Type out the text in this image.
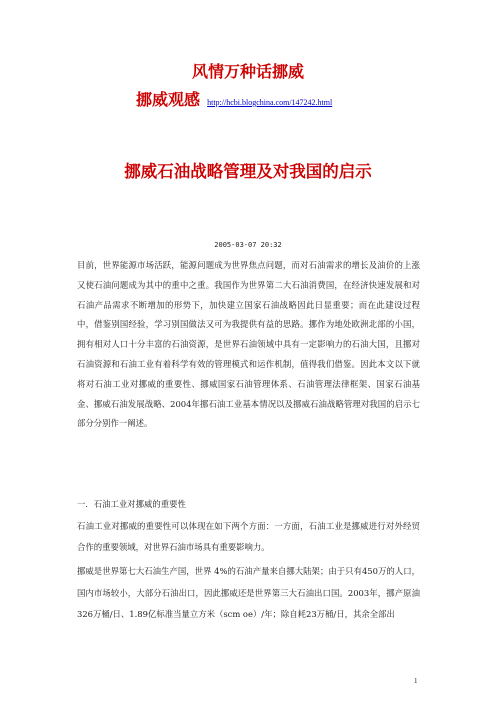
风情万种话挪威
挪威观感 http://hcbi.blogchina.com/147242.html
挪威石油战略管理及对我国的启示
2005-03-07 20:32
目前，世界能源市场活跃，能源问题成为世界焦点问题，而对石油需求的增长及油价的上涨又使石油问题成为其中的重中之重。我国作为世界第二大石油消费国，在经济快速发展和对石油产品需求不断增加的形势下，加快建立国家石油战略因此日显重要；而在此建设过程中，借鉴别国经验，学习别国做法又可为我提供有益的思路。挪作为地处欧洲北部的小国，拥有相对人口十分丰富的石油资源，是世界石油领域中具有一定影响力的石油大国，且挪对石油资源和石油工业有着科学有效的管理模式和运作机制，值得我们借鉴。因此本文以下就将对石油工业对挪威的重要性、挪威国家石油管理体系、石油管理法律框架、国家石油基金、挪威石油发展战略、2004年挪石油工业基本情况以及挪威石油战略管理对我国的启示七部分分别作一阐述。
一．石油工业对挪威的重要性
石油工业对挪威的重要性可以体现在如下两个方面：一方面，石油工业是挪威进行对外经贸合作的重要领域，对世界石油市场具有重要影响力。
挪威是世界第七大石油生产国，世界 4%的石油产量来自挪大陆架；由于只有450万的人口，国内市场较小，大部分石油出口，因此挪威还是世界第三大石油出口国。2003年，挪产原油326万桶/日、1.89亿标准当量立方米（scm oe）/年；除自耗23万桶/日，其余全部出
1
